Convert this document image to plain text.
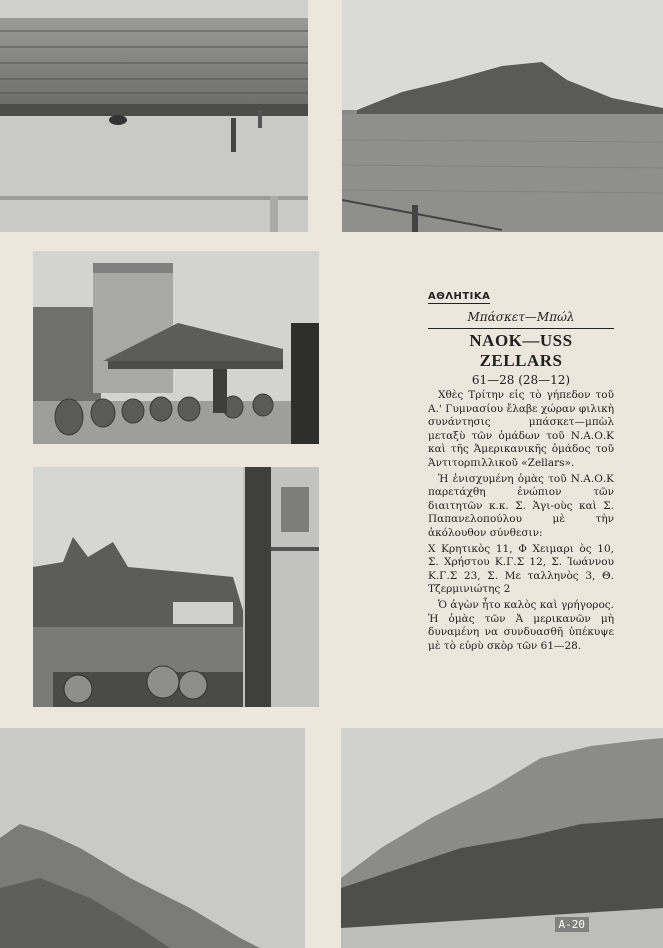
A-20
ΑΘΛΗΤΙΚΑ
Μπάσκετ—Μπώλ
NAOK—USS ZELLARS
61—28 (28—12)

Χθὲς Τρίτην εἰς τὸ γήπεδον τοῦ Α.' Γυμνασίου ἔλαβε χώραν φιλικὴ συνάντησις μπάσκετ—μπὼλ μεταξὺ τῶν ὁμάδων τοῦ Ν.Α.Ο.Κ καὶ τῆς Ἀμερικανικῆς ὁμάδος τοῦ Ἀντιτορπιλλικοῦ «Zellars».

Ἡ ἐνισχυμένη ὁμὰς τοῦ Ν.Α.Ο.Κ παρετάχθη ἐνώπιον τῶν διαιτητῶν κ.κ. Σ. Ἁγι-οὺς καὶ Σ. Παπανελοπούλου μὲ τὴν ἀκόλουθον σύνθεσιν:

Χ Κρητικὸς 11, Φ Χειμαρι ὸς 10, Σ. Χρήστου Κ.Γ.Σ 12, Σ. Ἰωάννου Κ.Γ.Σ 23, Σ. Με ταλληνὸς 3, Θ. Τζερμινιώτης 2

Ὁ ἀγὼν ἦτο καλὸς καὶ γρήγορος. Ἡ ὁμὰς τῶν Ἀ μερικανῶν μὴ δυναμένη να συνδυασθῆ ὑπέκυψε μὲ τὸ εὐρὺ σκὸρ τῶν 61—28.
